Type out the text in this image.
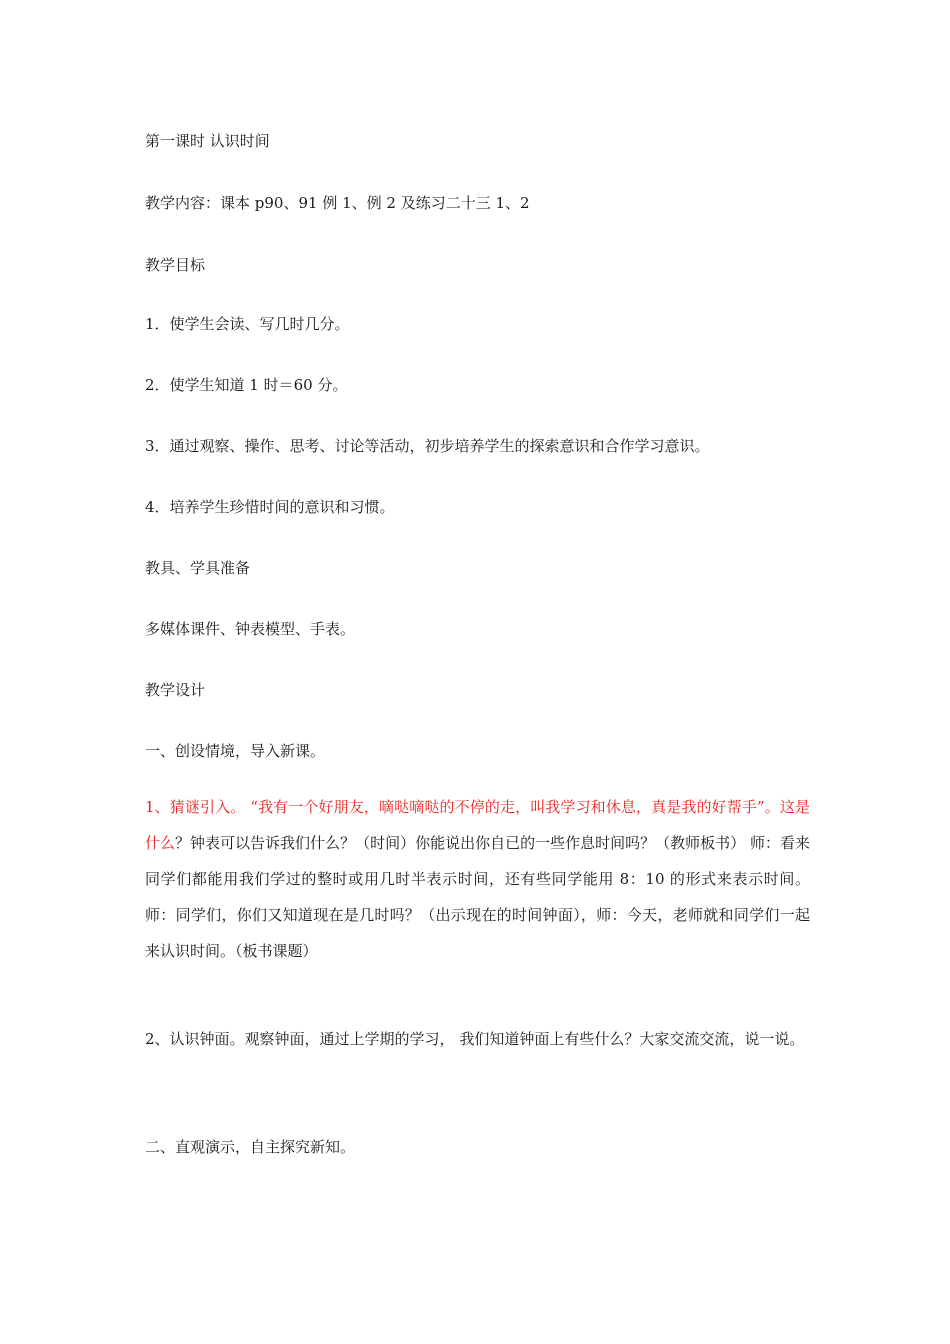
第一课时 认识时间
教学内容：课本 p90、91 例 1、例 2 及练习二十三 1、2
教学目标
1．使学生会读、写几时几分。
2．使学生知道 1 时＝60 分。
3．通过观察、操作、思考、讨论等活动，初步培养学生的探索意识和合作学习意识。
4．培养学生珍惜时间的意识和习惯。
教具、学具准备
多媒体课件、钟表模型、手表。
教学设计
一、创设情境，导入新课。
1、猜谜引入。 “我有一个好朋友，嘀哒嘀哒的不停的走，叫我学习和休息，真是我的好帮手”。这是什么？钟表可以告诉我们什么？（时间）你能说出你自已的一些作息时间吗？（教师板书） 师：看来同学们都能用我们学过的整时或用几时半表示时间，还有些同学能用 8：10 的形式来表示时间。 师：同学们，你们又知道现在是几时吗？（出示现在的时间钟面），师：今天，老师就和同学们一起来认识时间。（板书课题）
2、认识钟面。观察钟面，通过上学期的学习， 我们知道钟面上有些什么？大家交流交流，说一说。
二、直观演示，自主探究新知。
